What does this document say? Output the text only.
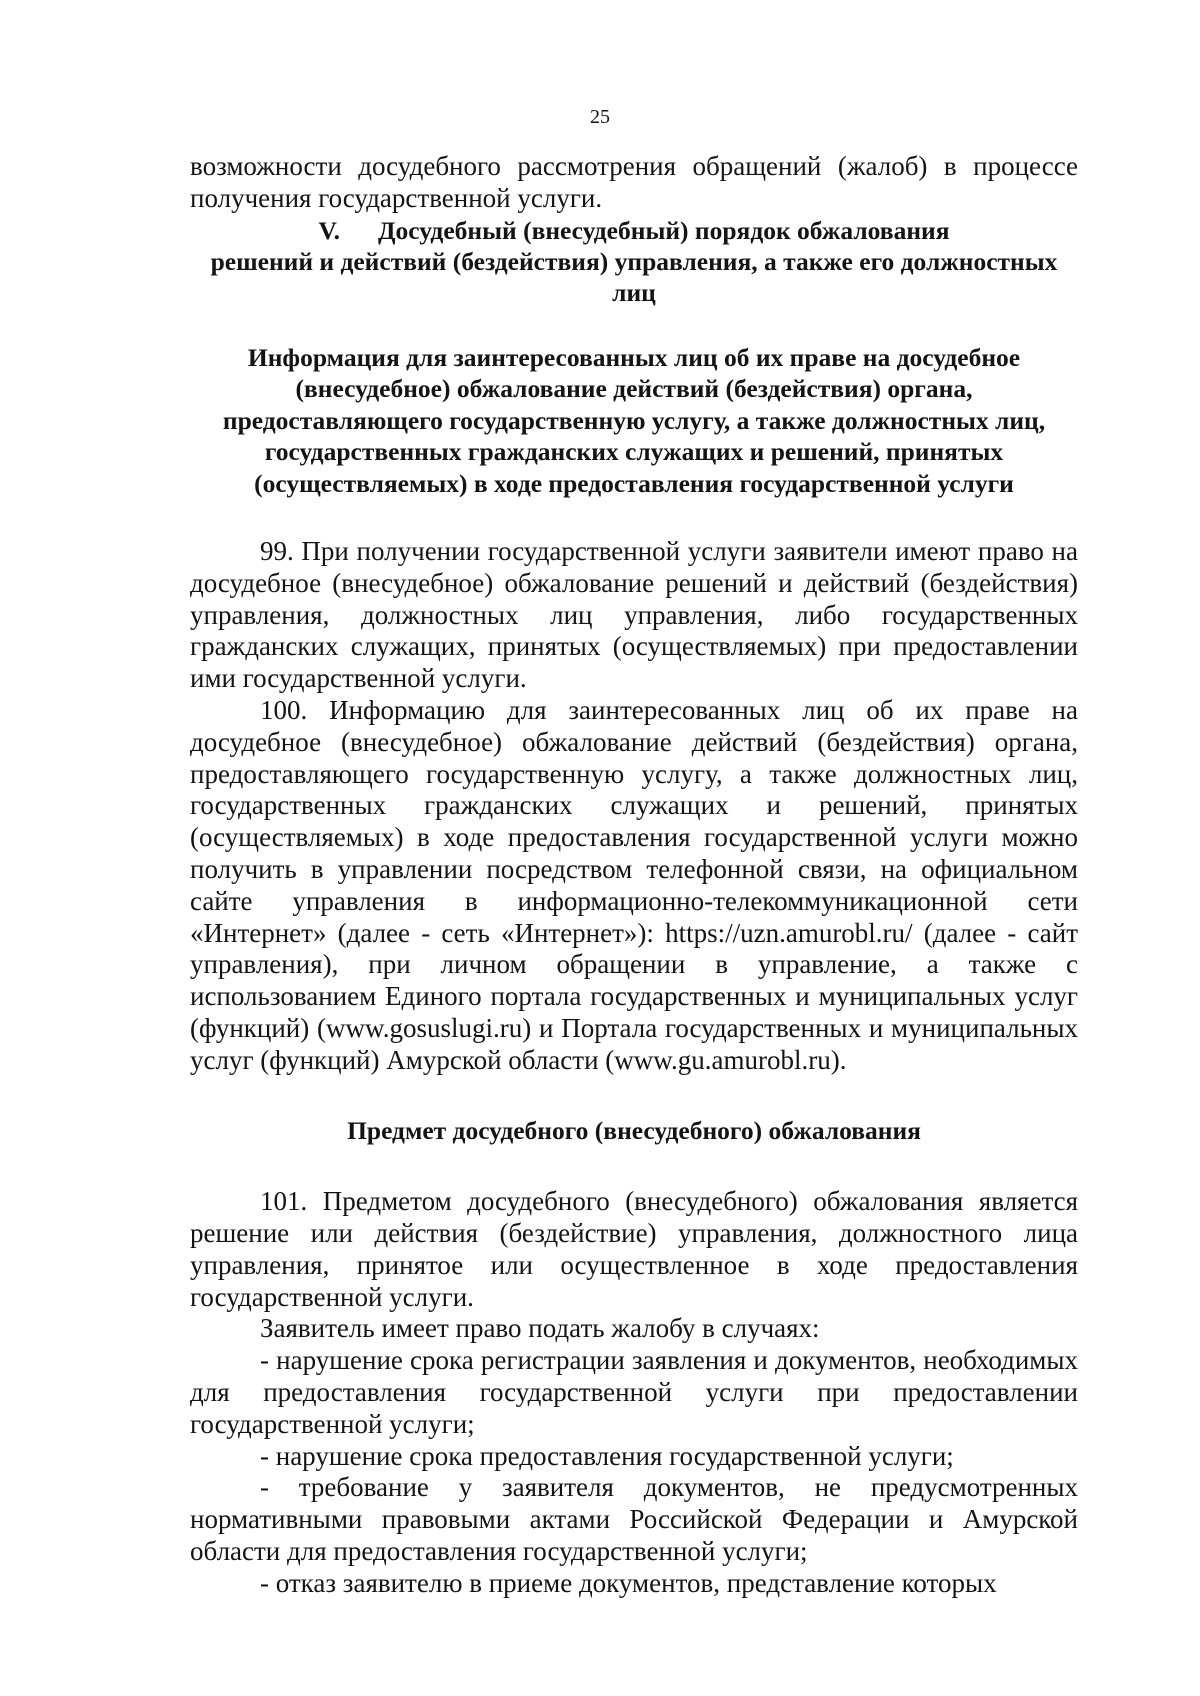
25

возможности досудебного рассмотрения обращений (жалоб) в процессе получения государственной услуги.

V. Досудебный (внесудебный) порядок обжалования

решений и действий (бездействия) управления, а также его должностных лиц

Информация для заинтересованных лиц об их праве на досудебное (внесудебное) обжалование действий (бездействия) органа, предоставляющего государственную услугу, а также должностных лиц, государственных гражданских служащих и решений, принятых (осуществляемых) в ходе предоставления государственной услуги

99. При получении государственной услуги заявители имеют право на досудебное (внесудебное) обжалование решений и действий (бездействия) управления, должностных лиц управления, либо государственных гражданских служащих, принятых (осуществляемых) при предоставлении ими государственной услуги.

100. Информацию для заинтересованных лиц об их праве на досудебное (внесудебное) обжалование действий (бездействия) органа, предоставляющего государственную услугу, а также должностных лиц, государственных гражданских служащих и решений, принятых (осуществляемых) в ходе предоставления государственной услуги можно получить в управлении посредством телефонной связи, на официальном сайте управления в информационно-телекоммуникационной сети «Интернет» (далее - сеть «Интернет»): https://uzn.amurobl.ru/ (далее - сайт управления), при личном обращении в управление, а также с использованием Единого портала государственных и муниципальных услуг (функций) (www.gosuslugi.ru) и Портала государственных и муниципальных услуг (функций) Амурской области (www.gu.amurobl.ru).

Предмет досудебного (внесудебного) обжалования

101. Предметом досудебного (внесудебного) обжалования является решение или действия (бездействие) управления, должностного лица управления, принятое или осуществленное в ходе предоставления государственной услуги.

Заявитель имеет право подать жалобу в случаях:

- нарушение срока регистрации заявления и документов, необходимых для предоставления государственной услуги при предоставлении государственной услуги;

- нарушение срока предоставления государственной услуги;

- требование у заявителя документов, не предусмотренных нормативными правовыми актами Российской Федерации и Амурской области для предоставления государственной услуги;

- отказ заявителю в приеме документов, представление которых
